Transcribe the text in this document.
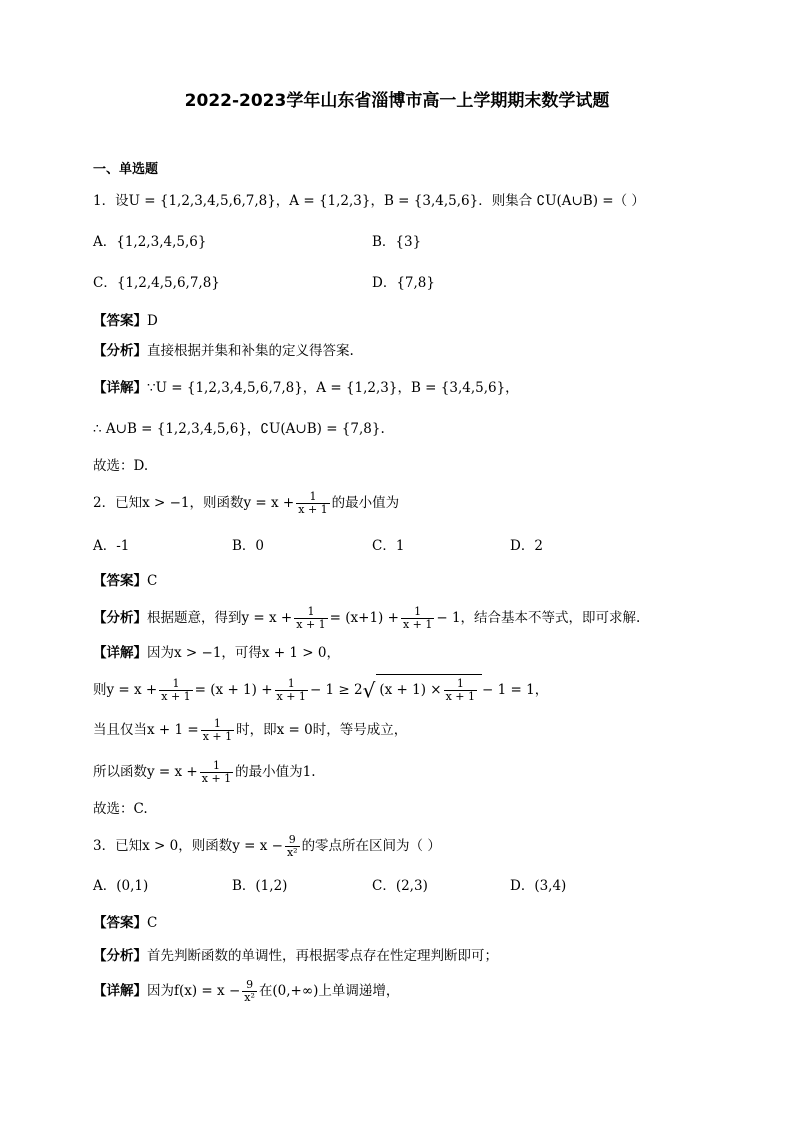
2022-2023学年山东省淄博市高一上学期期末数学试题
一、单选题
1．设U = {1,2,3,4,5,6,7,8}，A = {1,2,3}，B = {3,4,5,6}．则集合 ∁U(A∪B) =（ ）
A．{1,2,3,4,5,6}	B．{3}
C．{1,2,4,5,6,7,8}	D．{7,8}
【答案】D
【分析】直接根据并集和补集的定义得答案.
【详解】∵U = {1,2,3,4,5,6,7,8}，A = {1,2,3}，B = {3,4,5,6}，
∴ A∪B = {1,2,3,4,5,6}，∁U(A∪B) = {7,8}.
故选：D.
2．已知x > −1，则函数$y = x + \frac{1}{x + 1}$ 的最小值为
A．-1	B．0	C．1	D．2
【答案】C
【分析】根据题意，得到$y = x + \frac{1}{x + 1} = (x+1) + \frac{1}{x + 1} - 1$，结合基本不等式，即可求解.
【详解】因为x > −1，可得x + 1 > 0，
则$y = x + \frac{1}{x + 1} = (x + 1) + \frac{1}{x + 1} - 1 \ge 2√$ $(x + 1) \times \frac{1}{x + 1} - 1 = 1$，
当且仅当$x + 1 = \frac{1}{x + 1}$ 时，即x = 0时，等号成立，
所以函数$y = x + \frac{1}{x + 1}$ 的最小值为1.
故选：C.
3．已知x > 0，则函数$y = x - \frac{9}{\text{x²}}$ 的零点所在区间为（ ）
A．(0,1)	B．(1,2)	C．(2,3)	D．(3,4)
【答案】C
【分析】首先判断函数的单调性，再根据零点存在性定理判断即可；
【详解】因为$f(x) = x - \frac{9}{\text{x²}}$ 在(0,+∞)上单调递增，
